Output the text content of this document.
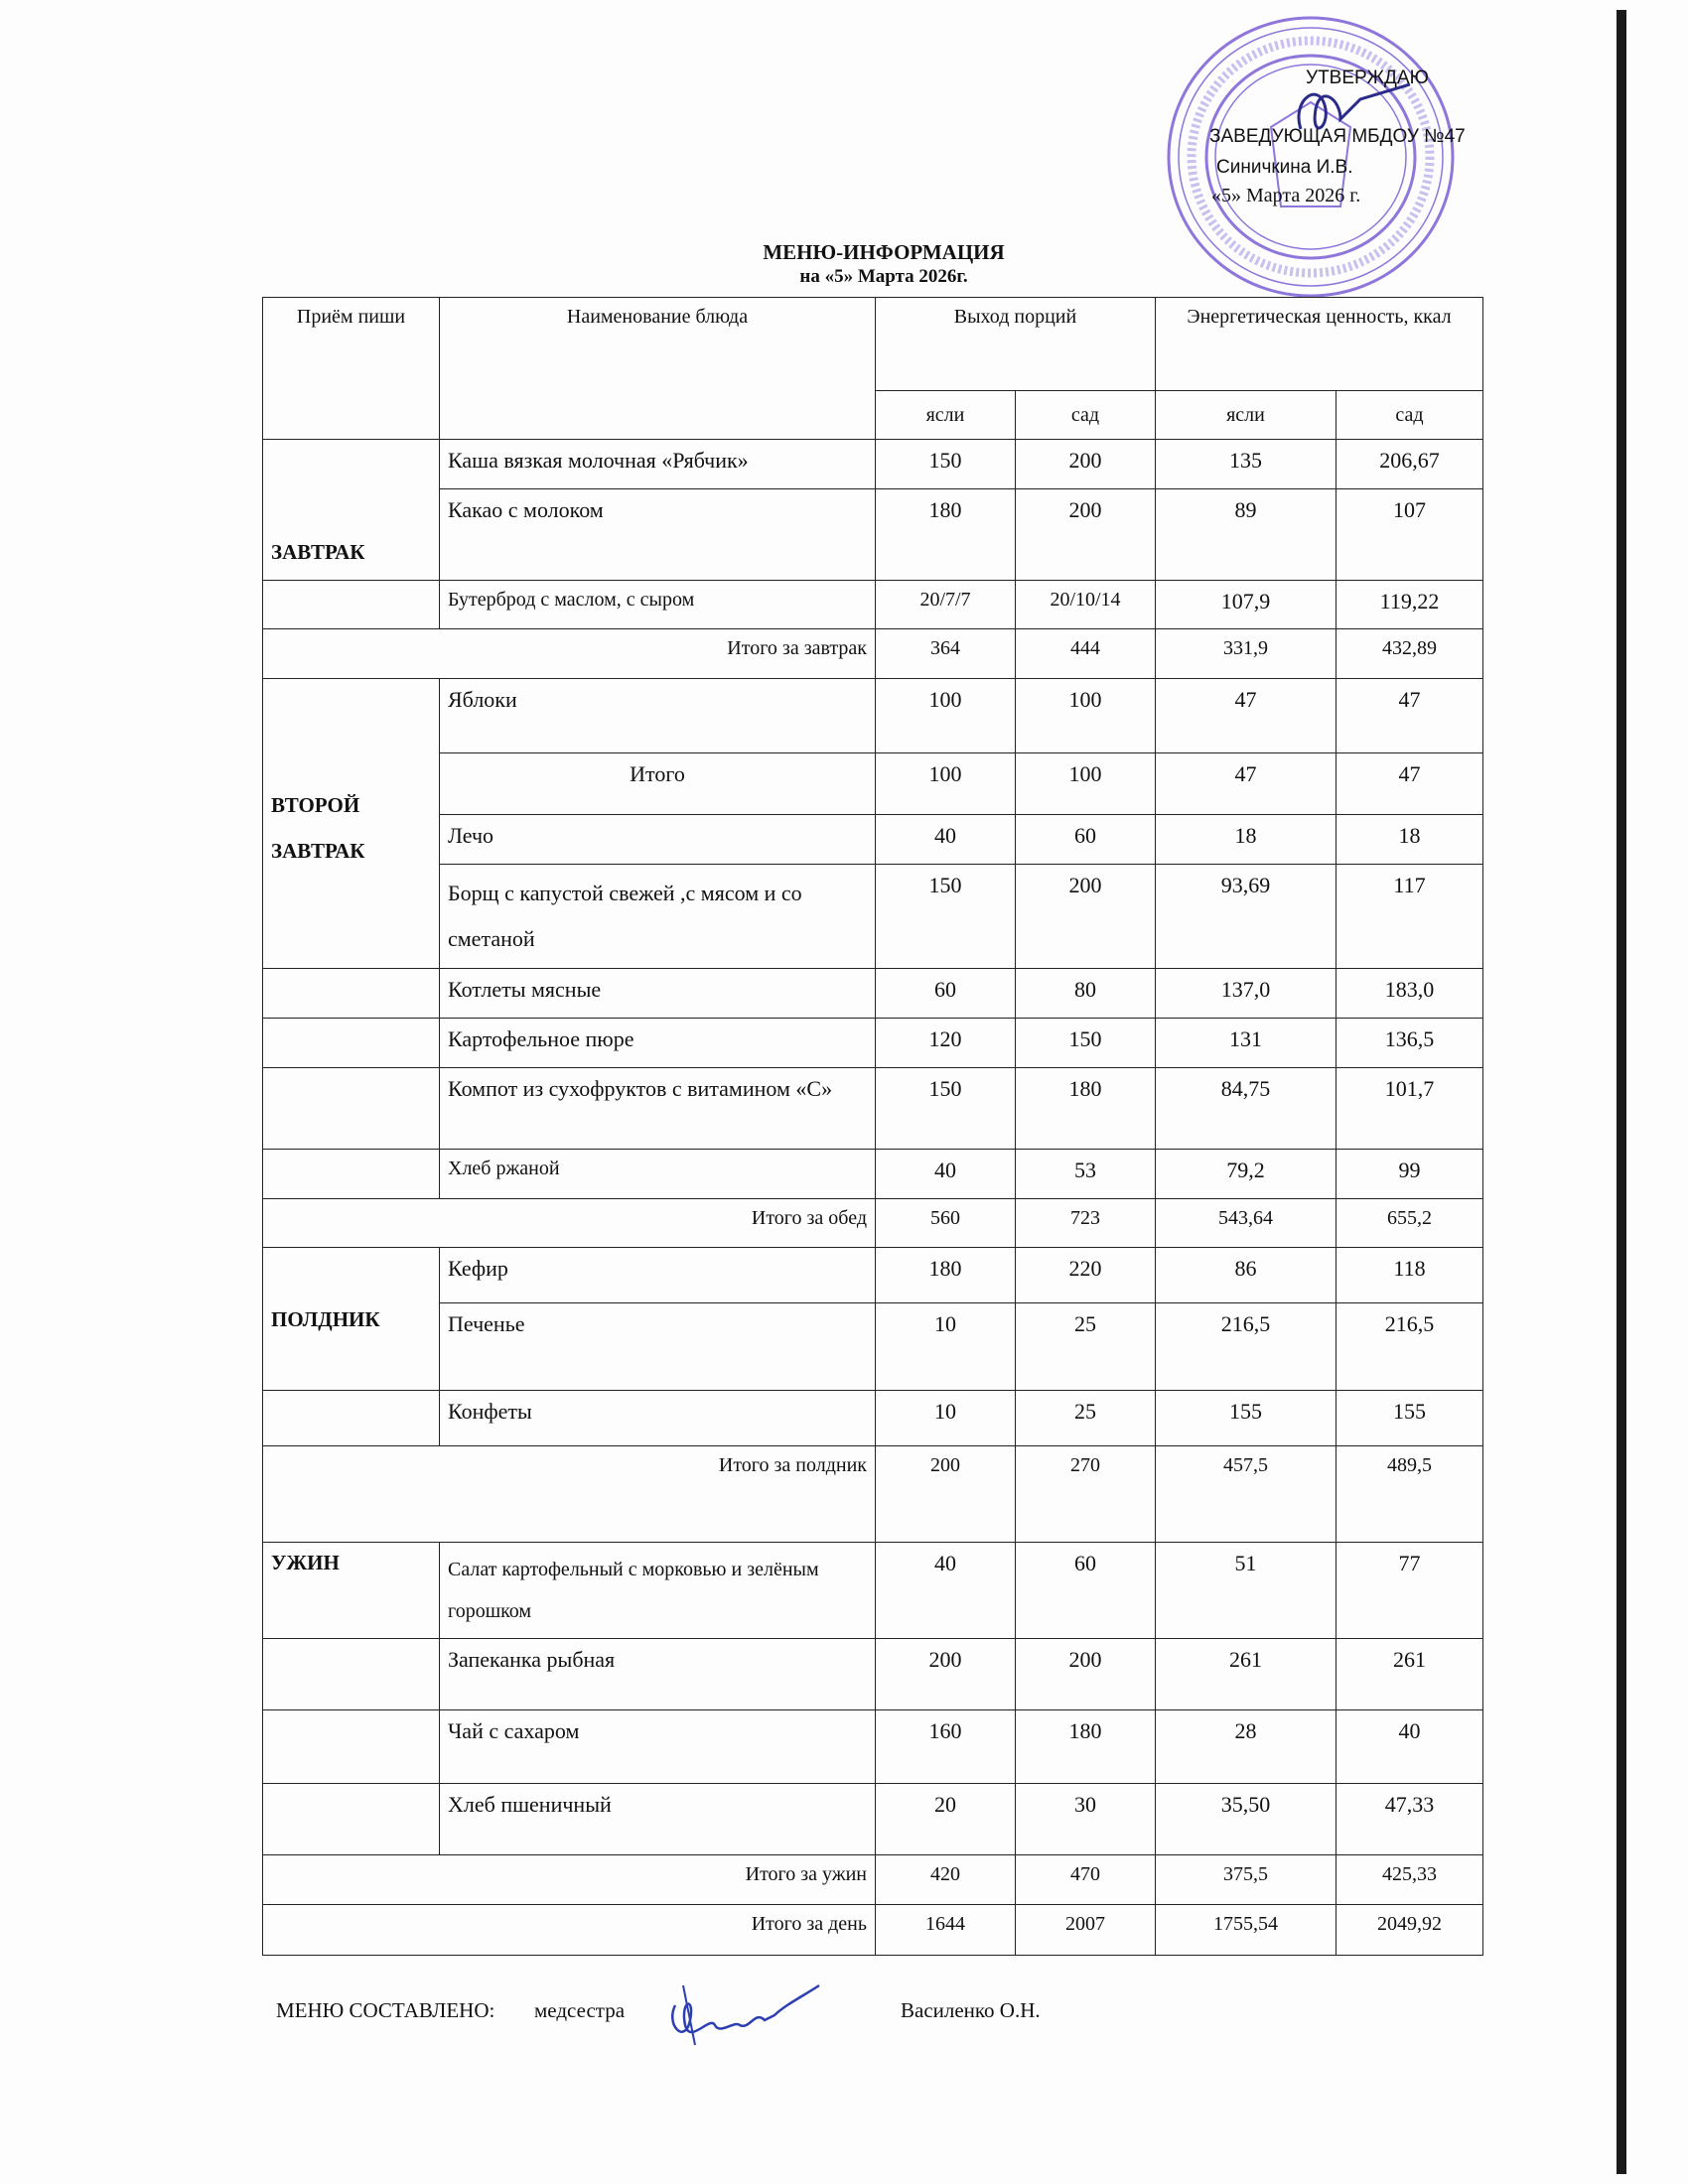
УТВЕРЖДАЮ
ЗАВЕДУЮЩАЯ МБДОУ №47
Синичкина И.В.
«5» Марта 2026 г.
МЕНЮ-ИНФОРМАЦИЯ
на «5» Марта 2026г.
Приём пиши	Наименование блюда	Выход порций		Энергетическая ценность, ккал	
		ясли	сад	ясли	сад
ЗАВТРАК	Каша вязкая молочная «Рябчик»	150	200	135	206,67
	Какао с молоком	180	200	89	107
	Бутерброд с маслом, с сыром	20/7/7	20/10/14	107,9	119,22
Итого за завтрак		364	444	331,9	432,89
ВТОРОЙ ЗАВТРАК	Яблоки	100	100	47	47
	Итого	100	100	47	47
	Лечо	40	60	18	18
	Борщ с капустой свежей ,с мясом и со сметаной	150	200	93,69	117
	Котлеты мясные	60	80	137,0	183,0
	Картофельное пюре	120	150	131	136,5
	Компот из сухофруктов с витамином «С»	150	180	84,75	101,7
	Хлеб ржаной	40	53	79,2	99
Итого за обед		560	723	543,64	655,2
ПОЛДНИК	Кефир	180	220	86	118
	Печенье	10	25	216,5	216,5
	Конфеты	10	25	155	155
Итого за полдник		200	270	457,5	489,5
УЖИН	Салат картофельный с морковью и зелёным горошком	40	60	51	77
	Запеканка рыбная	200	200	261	261
	Чай с сахаром	160	180	28	40
	Хлеб пшеничный	20	30	35,50	47,33
Итого за ужин		420	470	375,5	425,33
Итого за день		1644	2007	1755,54	2049,92
МЕНЮ СОСТАВЛЕНО: медсестра	Василенко О.Н.
